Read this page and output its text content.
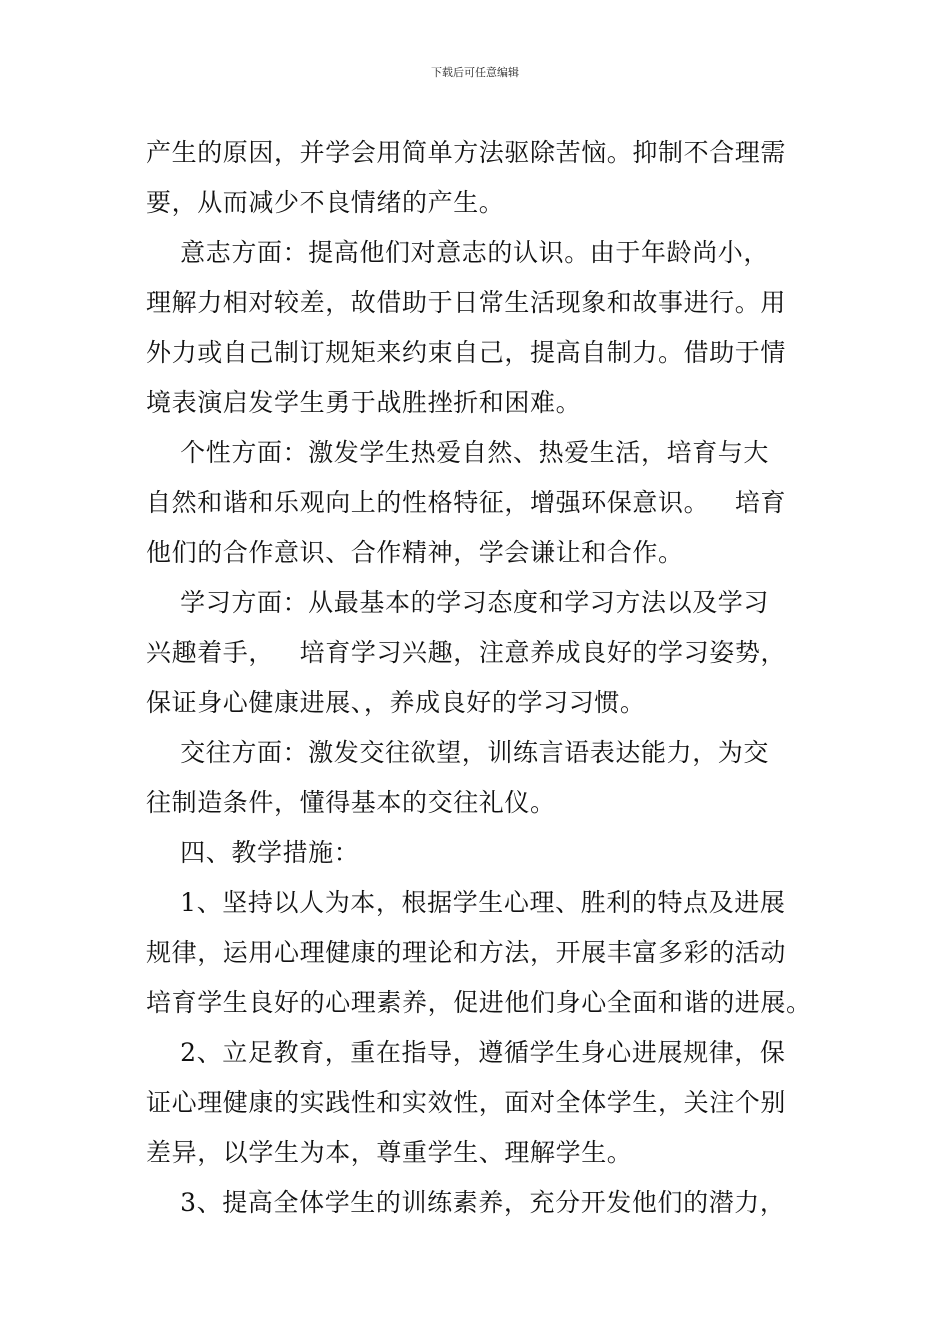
下载后可任意编辑
产生的原因，并学会用简单方法驱除苦恼。抑制不合理需
要，从而减少不良情绪的产生。
意志方面：提高他们对意志的认识。由于年龄尚小，
理解力相对较差，故借助于日常生活现象和故事进行。用
外力或自己制订规矩来约束自己，提高自制力。借助于情
境表演启发学生勇于战胜挫折和困难。
个性方面：激发学生热爱自然、热爱生活，培育与大
自然和谐和乐观向上的性格特征，增强环保意识。   培育
他们的合作意识、合作精神，学会谦让和合作。
学习方面：从最基本的学习态度和学习方法以及学习
兴趣着手，   培育学习兴趣，注意养成良好的学习姿势，
保证身心健康进展、，养成良好的学习习惯。
交往方面：激发交往欲望，训练言语表达能力，为交
往制造条件，懂得基本的交往礼仪。
四、教学措施：
1、坚持以人为本，根据学生心理、胜利的特点及进展
规律，运用心理健康的理论和方法，开展丰富多彩的活动
培育学生良好的心理素养，促进他们身心全面和谐的进展。
2、立足教育，重在指导，遵循学生身心进展规律，保
证心理健康的实践性和实效性，面对全体学生，关注个别
差异，以学生为本，尊重学生、理解学生。
3、提高全体学生的训练素养，充分开发他们的潜力，
